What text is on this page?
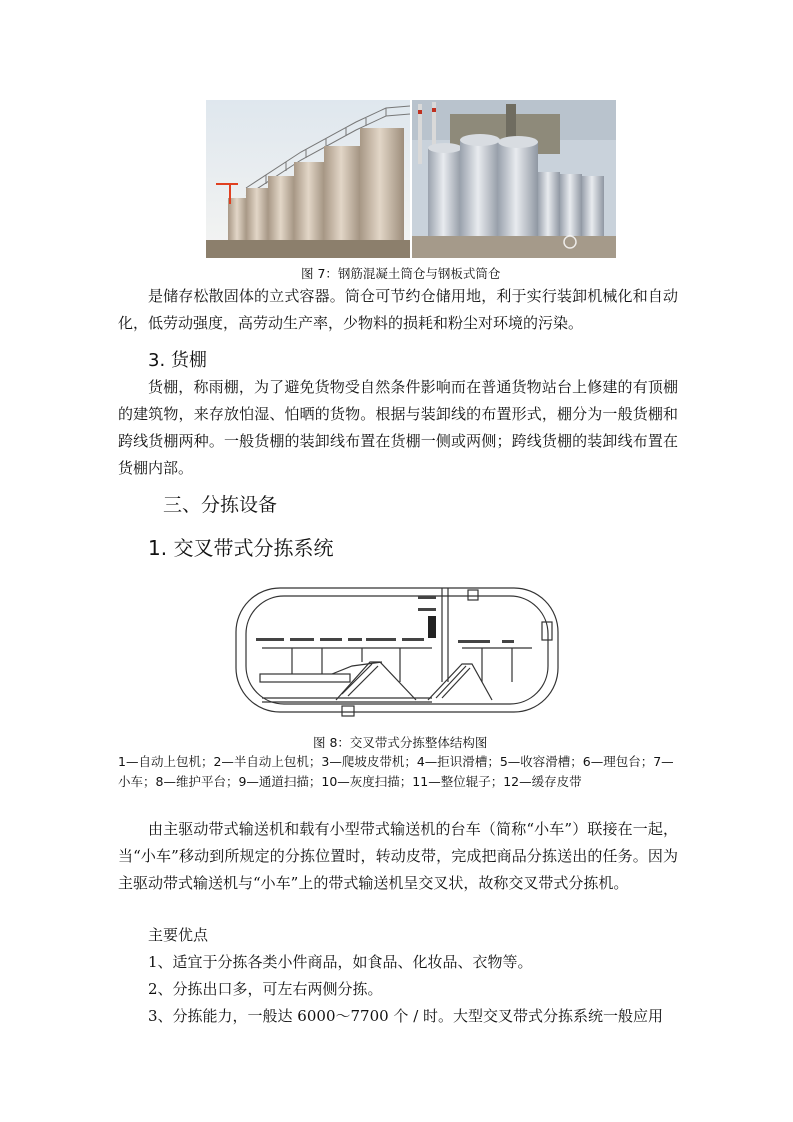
图 7：钢筋混凝土筒仓与钢板式筒仓

是储存松散固体的立式容器。筒仓可节约仓储用地，利于实行装卸机械化和自动化，低劳动强度，高劳动生产率，少物料的损耗和粉尘对环境的污染。

3. 货棚

货棚，称雨棚，为了避免货物受自然条件影响而在普通货物站台上修建的有顶棚的建筑物，来存放怕湿、怕晒的货物。根据与装卸线的布置形式，棚分为一般货棚和跨线货棚两种。一般货棚的装卸线布置在货棚一侧或两侧；跨线货棚的装卸线布置在货棚内部。

三、分拣设备
1. 交叉带式分拣系统
图 8：交叉带式分拣整体结构图
1—自动上包机；2—半自动上包机；3—爬坡皮带机；4—拒识滑槽；5—收容滑槽；6—理包台；7—小车；8—维护平台；9—通道扫描；10—灰度扫描；11—整位辊子；12—缓存皮带

由主驱动带式输送机和载有小型带式输送机的台车（简称“小车”）联接在一起，当“小车”移动到所规定的分拣位置时，转动皮带，完成把商品分拣送出的任务。因为主驱动带式输送机与“小车”上的带式输送机呈交叉状，故称交叉带式分拣机。

主要优点
1、适宜于分拣各类小件商品，如食品、化妆品、衣物等。
2、分拣出口多，可左右两侧分拣。
3、分拣能力，一般达 6000～7700 个 / 时。大型交叉带式分拣系统一般应用
